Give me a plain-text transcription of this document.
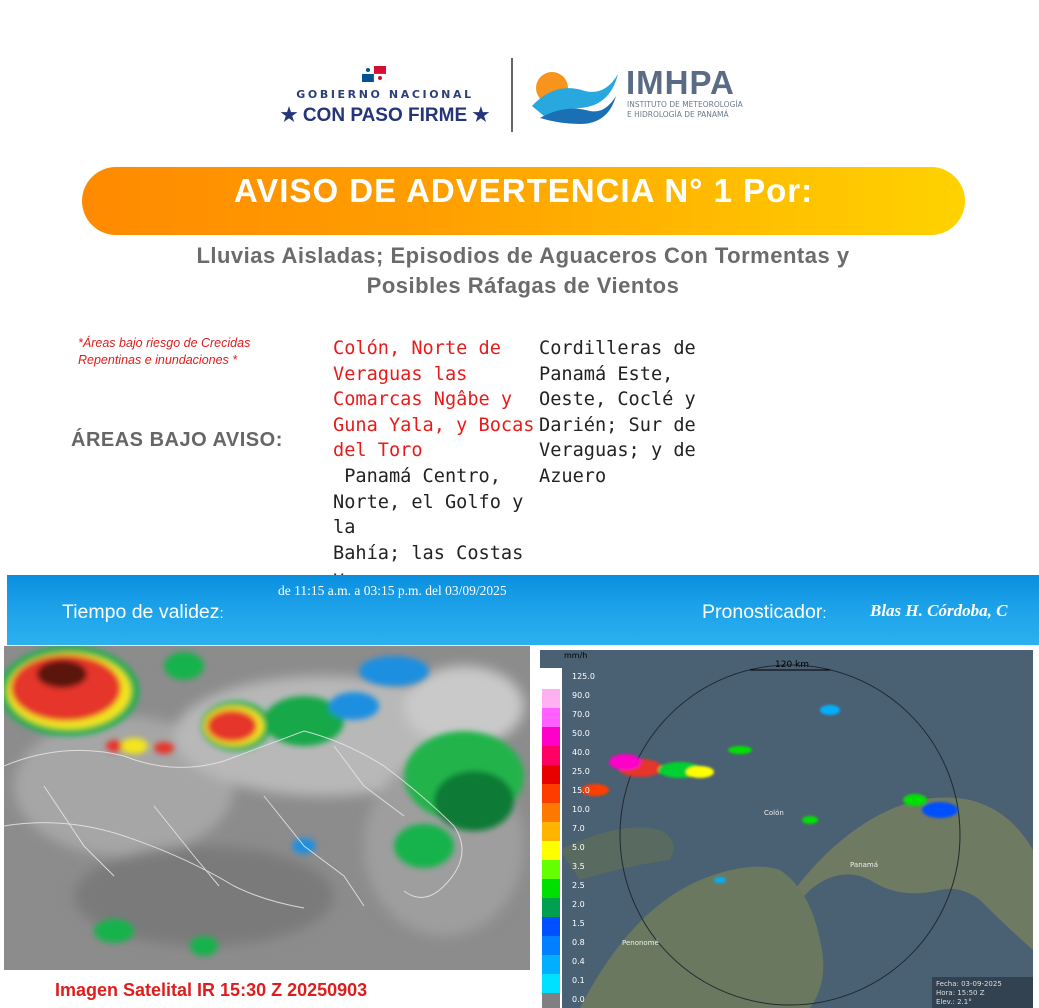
GOBIERNO NACIONAL
★ CON PASO FIRME ★
IMHPA
INSTITUTO DE METEOROLOGÍA
E HIDROLOGÍA DE PANAMÁ
AVISO DE ADVERTENCIA N° 1 Por:
Lluvias Aisladas; Episodios de Aguaceros Con Tormentas y
Posibles Ráfagas de Vientos
*Áreas bajo riesgo de Crecidas
Repentinas e inundaciones *
ÁREAS BAJO AVISO:
Colón, Norte de
Veraguas las
Comarcas Ngâbe y
Guna Yala, y Bocas
del Toro
Panamá Centro,
Norte, el Golfo y la
Bahía; las Costas
Cordilleras de
Panamá Este,
Oeste, Coclé y
Darién; Sur de
Veraguas; y de
Azuero
de 11:15 a.m. a 03:15 p.m. del 03/09/2025
Tiempo de validez:	Pronosticador:	Blas H. Córdoba, C
Imagen Satelital IR 15:30 Z 20250903
125.0
90.0
70.0
50.0
40.0
25.0
15.0
10.0
7.0
5.0
3.5
2.5
2.0
1.5
0.8
0.4
0.1
0.0
mm/h
120 km
Colón
Panamá
Penonomé
Fecha: 03-09-2025
Hora: 15:50 Z
Elev.: 2.1°
